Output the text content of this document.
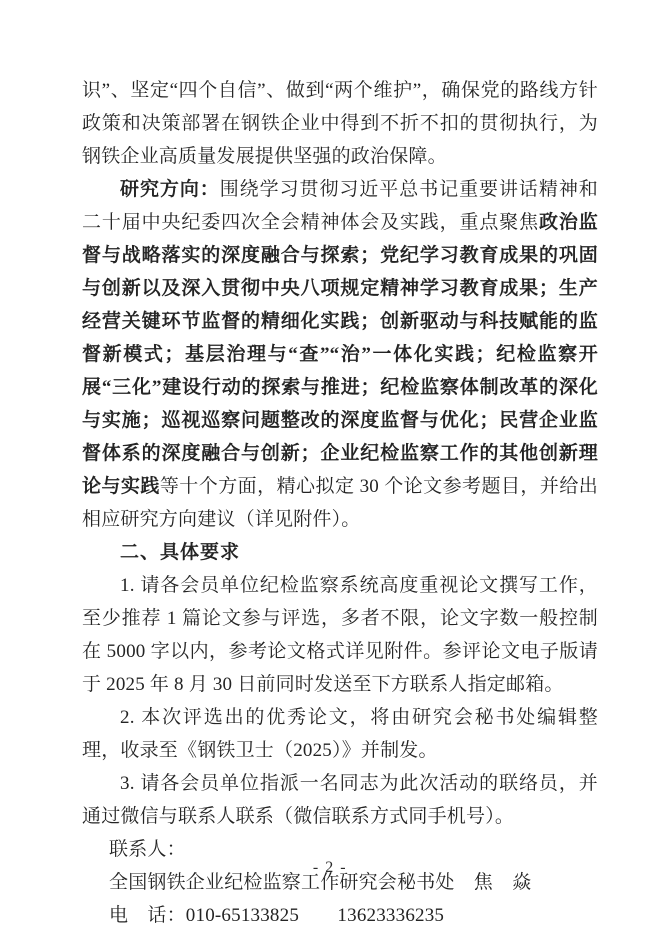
识”、坚定“四个自信”、做到“两个维护”，确保党的路线方针政策和决策部署在钢铁企业中得到不折不扣的贯彻执行，为钢铁企业高质量发展提供坚强的政治保障。

研究方向：围绕学习贯彻习近平总书记重要讲话精神和二十届中央纪委四次全会精神体会及实践，重点聚焦政治监督与战略落实的深度融合与探索；党纪学习教育成果的巩固与创新以及深入贯彻中央八项规定精神学习教育成果；生产经营关键环节监督的精细化实践；创新驱动与科技赋能的监督新模式；基层治理与“查”“治”一体化实践；纪检监察开展“三化”建设行动的探索与推进；纪检监察体制改革的深化与实施；巡视巡察问题整改的深度监督与优化；民营企业监督体系的深度融合与创新；企业纪检监察工作的其他创新理论与实践等十个方面，精心拟定 30 个论文参考题目，并给出相应研究方向建议（详见附件）。

二、具体要求

1. 请各会员单位纪检监察系统高度重视论文撰写工作，至少推荐 1 篇论文参与评选，多者不限，论文字数一般控制在 5000 字以内，参考论文格式详见附件。参评论文电子版请于 2025 年 8 月 30 日前同时发送至下方联系人指定邮箱。

2. 本次评选出的优秀论文，将由研究会秘书处编辑整理，收录至《钢铁卫士（2025）》并制发。

3. 请各会员单位指派一名同志为此次活动的联络员，并通过微信与联系人联系（微信联系方式同手机号）。

联系人：

全国钢铁企业纪检监察工作研究会秘书处　焦　焱

电　话：010-65133825　　13623336235

- 2 -
